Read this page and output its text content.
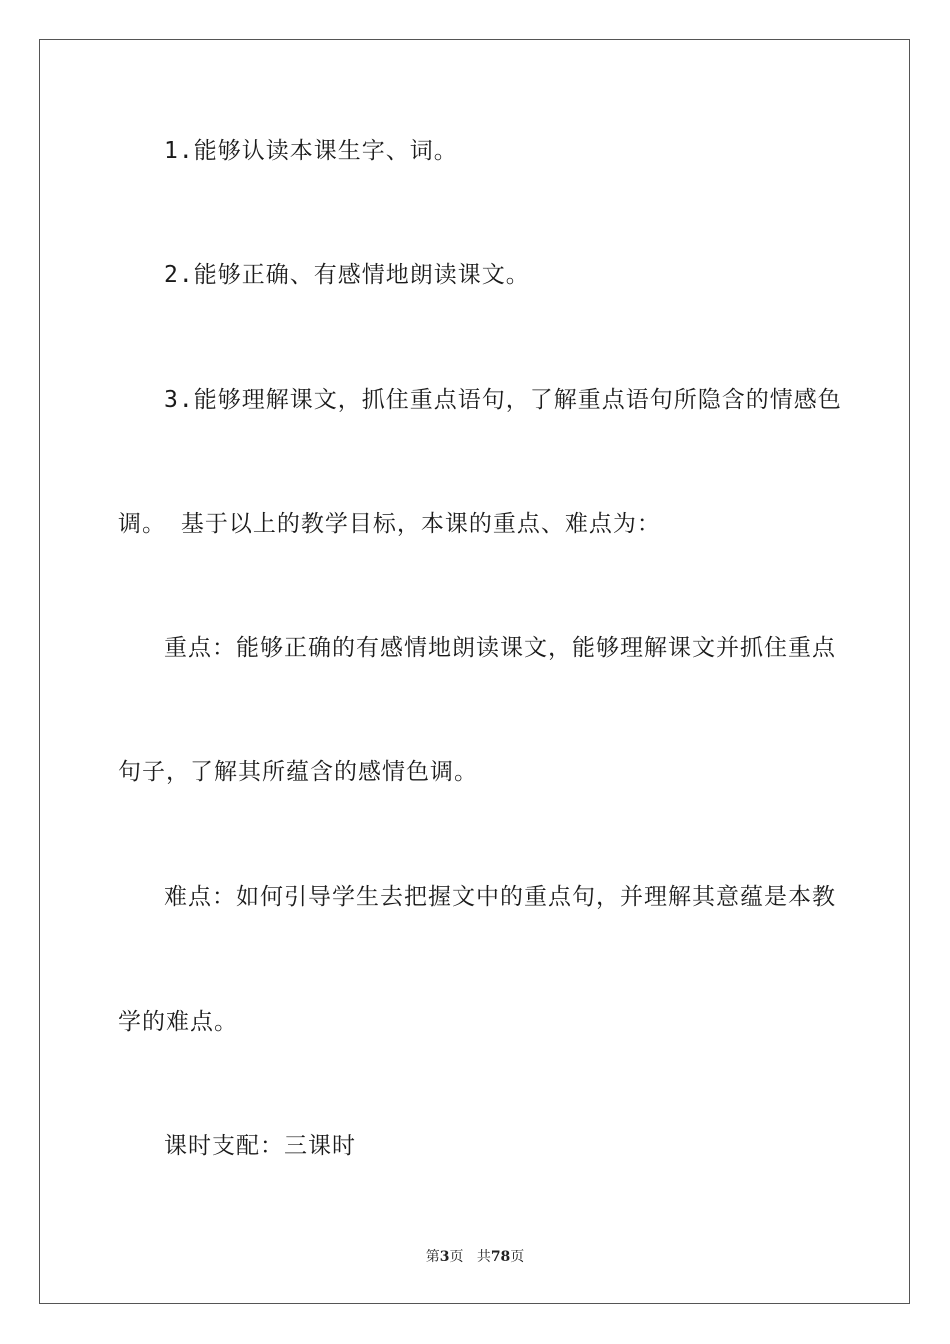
1.能够认读本课生字、词。
2.能够正确、有感情地朗读课文。
3.能够理解课文，抓住重点语句，了解重点语句所隐含的情感色
调。 基于以上的教学目标，本课的重点、难点为：
重点：能够正确的有感情地朗读课文，能够理解课文并抓住重点
句子，了解其所蕴含的感情色调。
难点：如何引导学生去把握文中的重点句，并理解其意蕴是本教
学的难点。
课时支配：三课时
第3页 共78页
